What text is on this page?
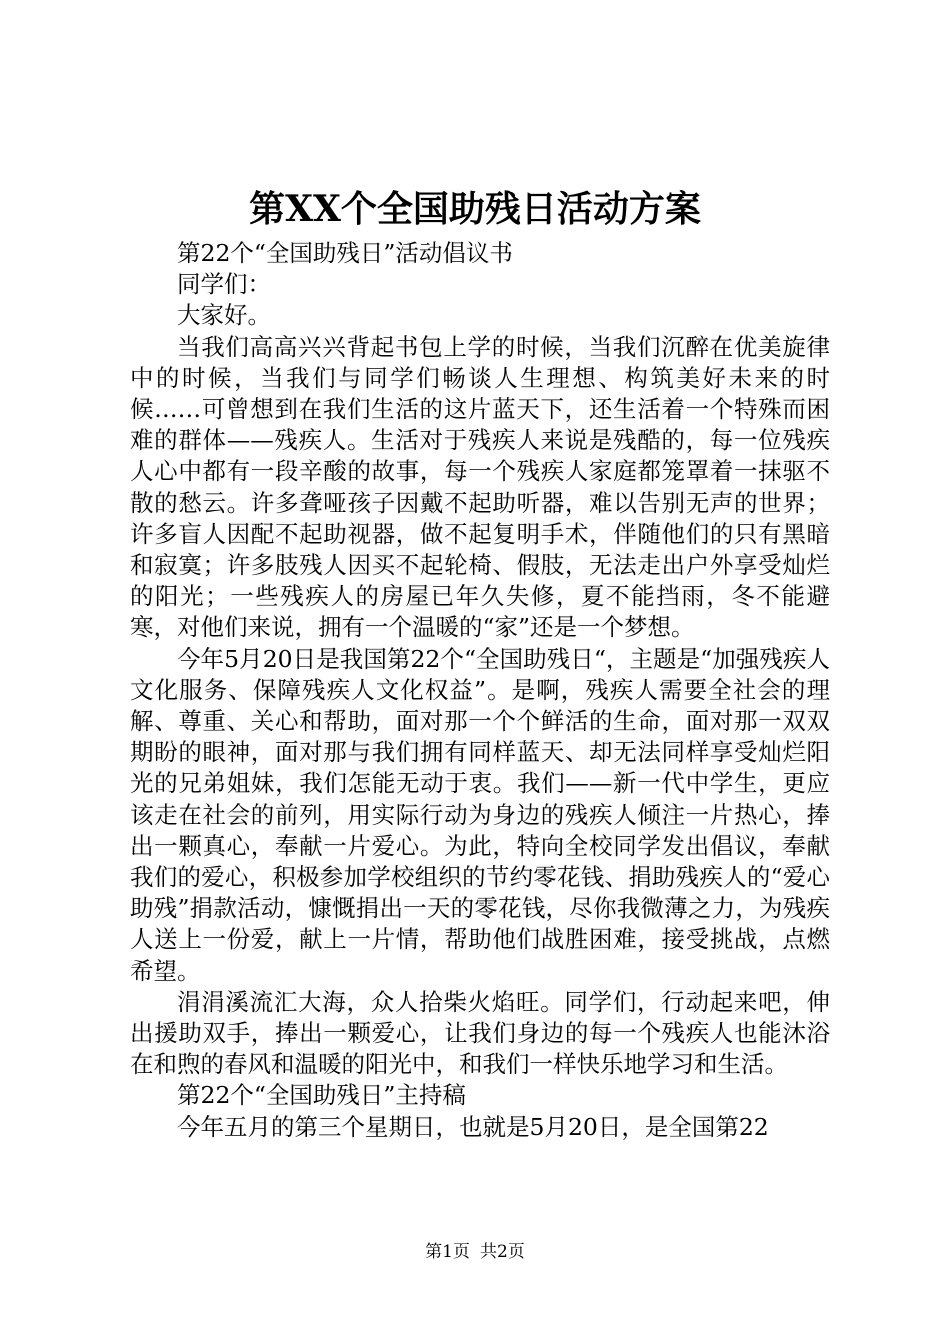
第XX个全国助残日活动方案

第22个“全国助残日”活动倡议书

同学们：

大家好。

当我们高高兴兴背起书包上学的时候，当我们沉醉在优美旋律中的时候，当我们与同学们畅谈人生理想、构筑美好未来的时候……可曾想到在我们生活的这片蓝天下，还生活着一个特殊而困难的群体——残疾人。生活对于残疾人来说是残酷的，每一位残疾人心中都有一段辛酸的故事，每一个残疾人家庭都笼罩着一抹驱不散的愁云。许多聋哑孩子因戴不起助听器，难以告别无声的世界；许多盲人因配不起助视器，做不起复明手术，伴随他们的只有黑暗和寂寞；许多肢残人因买不起轮椅、假肢，无法走出户外享受灿烂的阳光；一些残疾人的房屋已年久失修，夏不能挡雨，冬不能避寒，对他们来说，拥有一个温暖的“家”还是一个梦想。

今年5月20日是我国第22个“全国助残日“，主题是“加强残疾人文化服务、保障残疾人文化权益”。是啊，残疾人需要全社会的理解、尊重、关心和帮助，面对那一个个鲜活的生命，面对那一双双期盼的眼神，面对那与我们拥有同样蓝天、却无法同样享受灿烂阳光的兄弟姐妹，我们怎能无动于衷。我们——新一代中学生，更应该走在社会的前列，用实际行动为身边的残疾人倾注一片热心，捧出一颗真心，奉献一片爱心。为此，特向全校同学发出倡议，奉献我们的爱心，积极参加学校组织的节约零花钱、捐助残疾人的“爱心助残”捐款活动，慷慨捐出一天的零花钱，尽你我微薄之力，为残疾人送上一份爱，献上一片情，帮助他们战胜困难，接受挑战，点燃希望。

涓涓溪流汇大海，众人拾柴火焰旺。同学们，行动起来吧，伸出援助双手，捧出一颗爱心，让我们身边的每一个残疾人也能沐浴在和煦的春风和温暖的阳光中，和我们一样快乐地学习和生活。

第22个“全国助残日”主持稿

今年五月的第三个星期日，也就是5月20日，是全国第22

第1页 共2页
